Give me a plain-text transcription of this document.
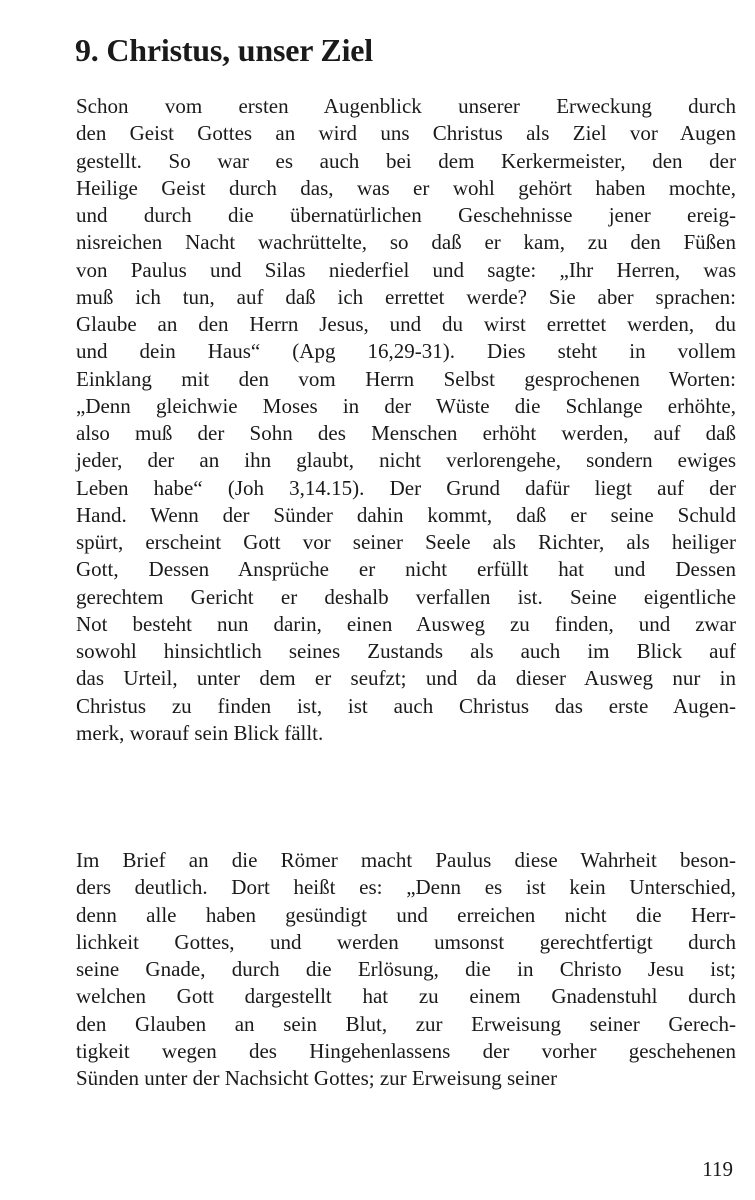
9. Christus, unser Ziel
Schon vom ersten Augenblick unserer Erweckung durch
den Geist Gottes an wird uns Christus als Ziel vor Augen
gestellt. So war es auch bei dem Kerkermeister, den der
Heilige Geist durch das, was er wohl gehört haben mochte,
und durch die übernatürlichen Geschehnisse jener ereig-
nisreichen Nacht wachrüttelte, so daß er kam, zu den Füßen
von Paulus und Silas niederfiel und sagte: „Ihr Herren, was
muß ich tun, auf daß ich errettet werde? Sie aber sprachen:
Glaube an den Herrn Jesus, und du wirst errettet werden, du
und dein Haus“ (Apg 16,29-31). Dies steht in vollem
Einklang mit den vom Herrn Selbst gesprochenen Worten:
„Denn gleichwie Moses in der Wüste die Schlange erhöhte,
also muß der Sohn des Menschen erhöht werden, auf daß
jeder, der an ihn glaubt, nicht verlorengehe, sondern ewiges
Leben habe“ (Joh 3,14.15). Der Grund dafür liegt auf der
Hand. Wenn der Sünder dahin kommt, daß er seine Schuld
spürt, erscheint Gott vor seiner Seele als Richter, als heiliger
Gott, Dessen Ansprüche er nicht erfüllt hat und Dessen
gerechtem Gericht er deshalb verfallen ist. Seine eigentliche
Not besteht nun darin, einen Ausweg zu finden, und zwar
sowohl hinsichtlich seines Zustands als auch im Blick auf
das Urteil, unter dem er seufzt; und da dieser Ausweg nur in
Christus zu finden ist, ist auch Christus das erste Augen-
merk, worauf sein Blick fällt.
Im Brief an die Römer macht Paulus diese Wahrheit beson-
ders deutlich. Dort heißt es: „Denn es ist kein Unterschied,
denn alle haben gesündigt und erreichen nicht die Herr-
lichkeit Gottes, und werden umsonst gerechtfertigt durch
seine Gnade, durch die Erlösung, die in Christo Jesu ist;
welchen Gott dargestellt hat zu einem Gnadenstuhl durch
den Glauben an sein Blut, zur Erweisung seiner Gerech-
tigkeit wegen des Hingehenlassens der vorher geschehenen
Sünden unter der Nachsicht Gottes; zur Erweisung seiner
119
